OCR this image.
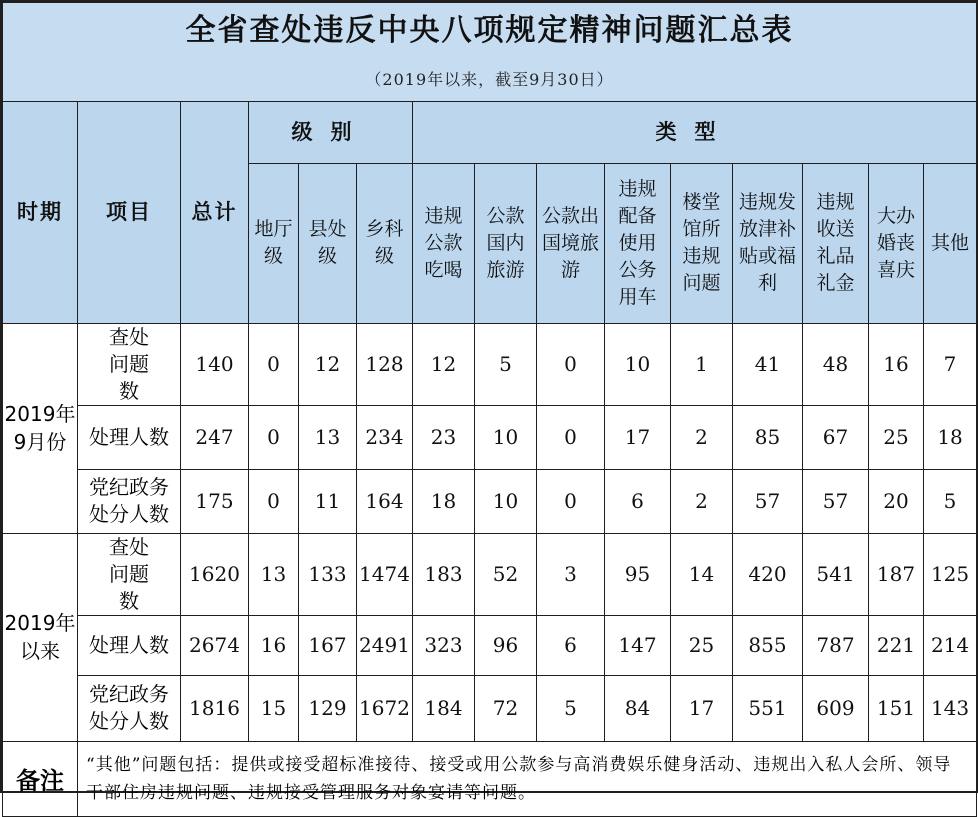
全省查处违反中央八项规定精神问题汇总表														
（2019年以来，截至9月30日）														
时期	项目	总计	级别			类型								
			地厅级	县处级	乡科级	违规公款吃喝	公款国内旅游	公款出国境旅游	违规配备使用公务用车	楼堂馆所违规问题	违规发放津补贴或福利	违规收送礼品礼金	大办婚丧喜庆	其他
2019年9月份	查处问题数	140	0	12	128	12	5	0	10	1	41	48	16	7
	处理人数	247	0	13	234	23	10	0	17	2	85	67	25	18
	党纪政务处分人数	175	0	11	164	18	10	0	6	2	57	57	20	5
2019年以来	查处问题数	1620	13	133	1474	183	52	3	95	14	420	541	187	125
	处理人数	2674	16	167	2491	323	96	6	147	25	855	787	221	214
	党纪政务处分人数	1816	15	129	1672	184	72	5	84	17	551	609	151	143
备注	“其他”问题包括：提供或接受超标准接待、接受或用公款参与高消费娱乐健身活动、违规出入私人会所、领导干部住房违规问题、违规接受管理服务对象宴请等问题。													
